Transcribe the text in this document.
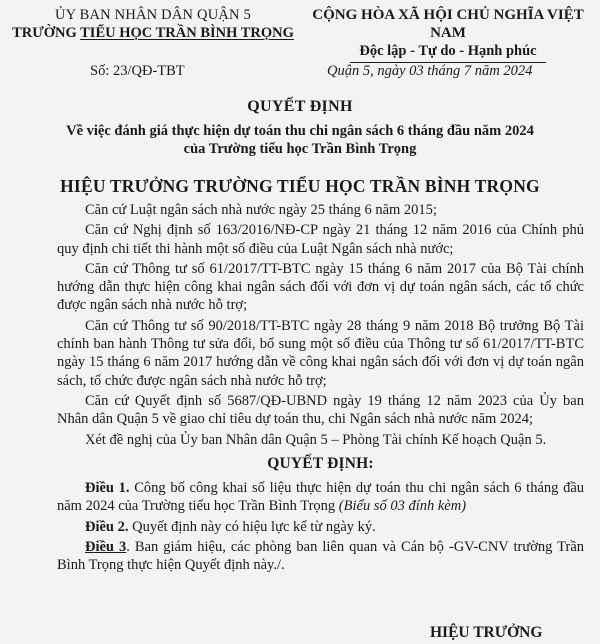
ỦY BAN NHÂN DÂN QUẬN 5
TRƯỜNG TIỂU HỌC TRẦN BÌNH TRỌNG
CỘNG HÒA XÃ HỘI CHỦ NGHĨA VIỆT NAM
Độc lập - Tự do - Hạnh phúc
Số: 23/QĐ-TBT	Quận 5, ngày 03 tháng 7 năm 2024
QUYẾT ĐỊNH
Về việc đánh giá thực hiện dự toán thu chi ngân sách 6 tháng đầu năm 2024
của Trường tiểu học Trần Bình Trọng
HIỆU TRƯỞNG TRƯỜNG TIỂU HỌC TRẦN BÌNH TRỌNG

Căn cứ Luật ngân sách nhà nước ngày 25 tháng 6 năm 2015;

Căn cứ Nghị định số 163/2016/NĐ-CP ngày 21 tháng 12 năm 2016 của Chính phủ quy định chi tiết thi hành một số điều của Luật Ngân sách nhà nước;

Căn cứ Thông tư số 61/2017/TT-BTC ngày 15 tháng 6 năm 2017 của Bộ Tài chính hướng dẫn thực hiện công khai ngân sách đối với đơn vị dự toán ngân sách, các tổ chức được ngân sách nhà nước hỗ trợ;

Căn cứ Thông tư số 90/2018/TT-BTC ngày 28 tháng 9 năm 2018 Bộ trưởng Bộ Tài chính ban hành Thông tư sửa đổi, bổ sung một số điều của Thông tư số 61/2017/TT-BTC ngày 15 tháng 6 năm 2017 hướng dẫn về công khai ngân sách đối với đơn vị dự toán ngân sách, tổ chức được ngân sách nhà nước hỗ trợ;

Căn cứ Quyết định số 5687/QĐ-UBND ngày 19 tháng 12 năm 2023 của Ủy ban Nhân dân Quận 5 về giao chỉ tiêu dự toán thu, chi Ngân sách nhà nước năm 2024;

Xét đề nghị của Ủy ban Nhân dân Quận 5 – Phòng Tài chính Kế hoạch Quận 5.

QUYẾT ĐỊNH:

Điều 1. Công bố công khai số liệu thực hiện dự toán thu chi ngân sách 6 tháng đầu năm 2024 của Trường tiểu học Trần Bình Trọng (Biểu số 03 đính kèm)

Điều 2. Quyết định này có hiệu lực kể từ ngày ký.

Điều 3. Ban giám hiệu, các phòng ban liên quan và Cán bộ -GV-CNV trường Trần Bình Trọng thực hiện Quyết định này./.

HIỆU TRƯỞNG
